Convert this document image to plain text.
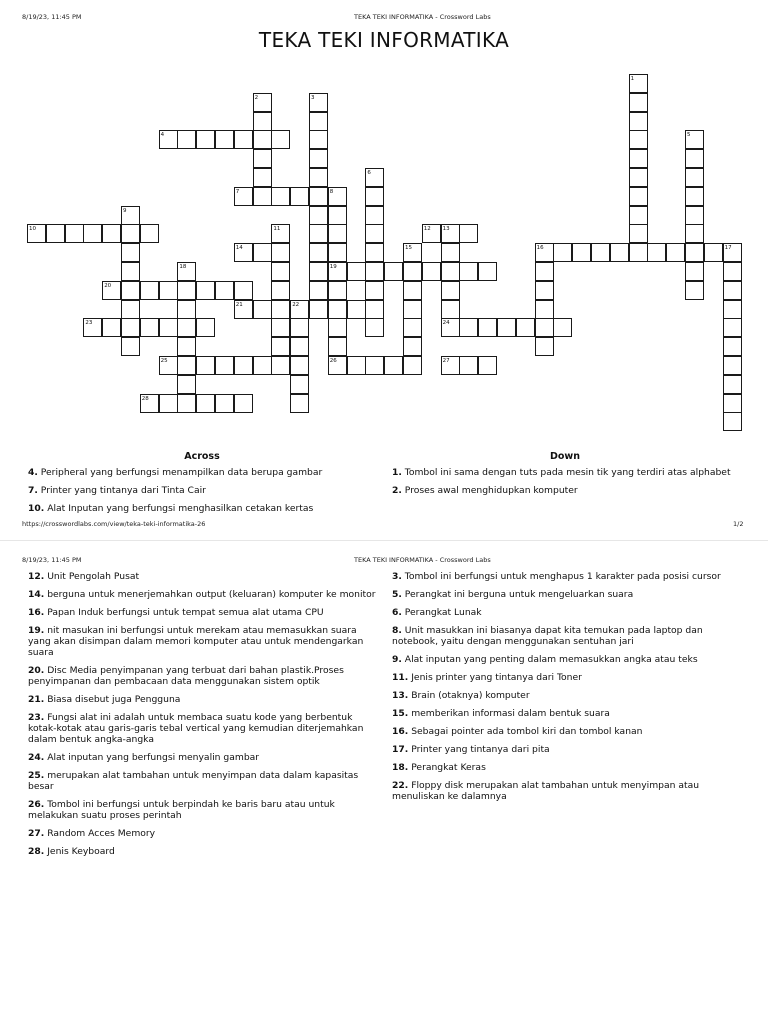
8/19/23, 11:45 PM	TEKA TEKI INFORMATIKA - Crossword Labs
TEKA TEKI INFORMATIKA
1
2	3
4	5
6
7	8
9
10	11	12 13
14	15	16	17
18	19
20
21	22
23	24
25	26	27
28
Across	Down
4. Peripheral yang berfungsi menampilkan data berupa gambar
7. Printer yang tintanya dari Tinta Cair
10. Alat Inputan yang berfungsi menghasilkan cetakan kertas
1. Tombol ini sama dengan tuts pada mesin tik yang terdiri atas alphabet
2. Proses awal menghidupkan komputer
https://crosswordlabs.com/view/teka-teki-informatika-26	1/2
8/19/23, 11:45 PM	TEKA TEKI INFORMATIKA - Crossword Labs
12. Unit Pengolah Pusat
14. berguna untuk menerjemahkan output (keluaran) komputer ke monitor
16. Papan Induk berfungsi untuk tempat semua alat utama CPU
19. nit masukan ini berfungsi untuk merekam atau memasukkan suara yang akan disimpan dalam memori komputer atau untuk mendengarkan suara
20. Disc Media penyimpanan yang terbuat dari bahan plastik.Proses penyimpanan dan pembacaan data menggunakan sistem optik
21. Biasa disebut juga Pengguna
23. Fungsi alat ini adalah untuk membaca suatu kode yang berbentuk kotak-kotak atau garis-garis tebal vertical yang kemudian diterjemahkan dalam bentuk angka-angka
24. Alat inputan yang berfungsi menyalin gambar
25. merupakan alat tambahan untuk menyimpan data dalam kapasitas besar
26. Tombol ini berfungsi untuk berpindah ke baris baru atau untuk melakukan suatu proses perintah
27. Random Acces Memory
28. Jenis Keyboard
3. Tombol ini berfungsi untuk menghapus 1 karakter pada posisi cursor
5. Perangkat ini berguna untuk mengeluarkan suara
6. Perangkat Lunak
8. Unit masukkan ini biasanya dapat kita temukan pada laptop dan notebook, yaitu dengan menggunakan sentuhan jari
9. Alat inputan yang penting dalam memasukkan angka atau teks
11. Jenis printer yang tintanya dari Toner
13. Brain (otaknya) komputer
15. memberikan informasi dalam bentuk suara
16. Sebagai pointer ada tombol kiri dan tombol kanan
17. Printer yang tintanya dari pita
18. Perangkat Keras
22. Floppy disk merupakan alat tambahan untuk menyimpan atau menuliskan ke dalamnya
